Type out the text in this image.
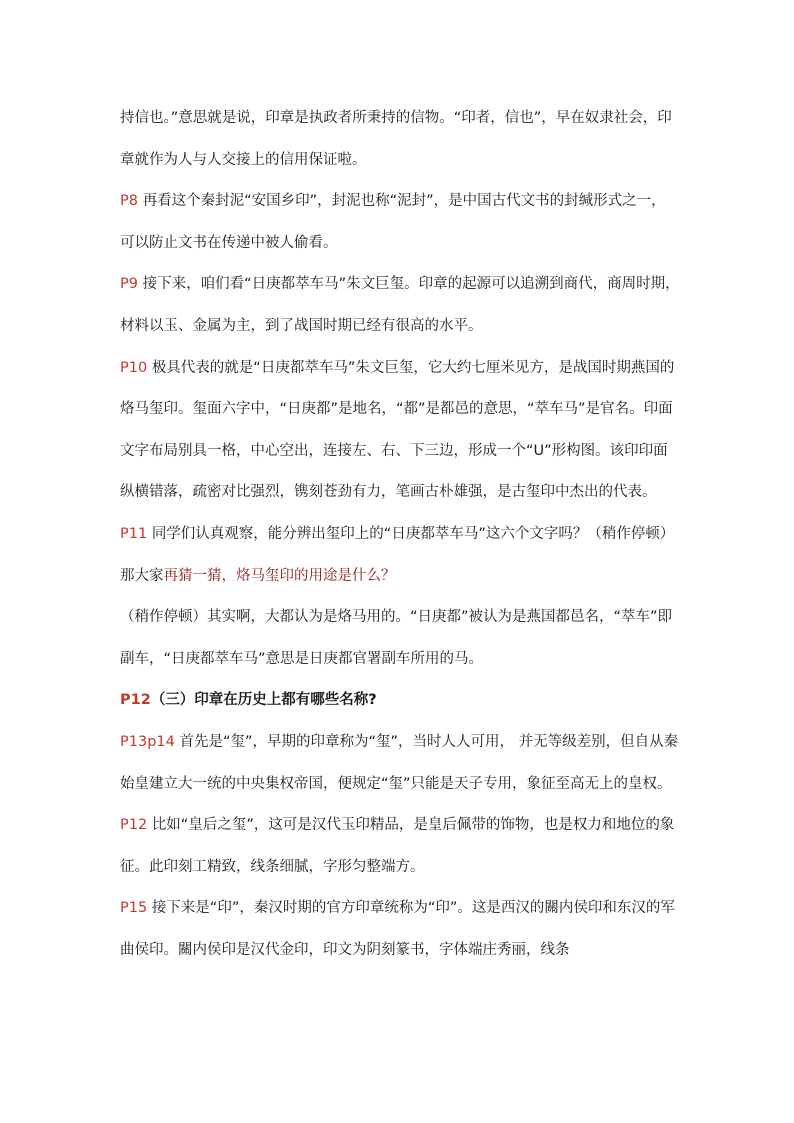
持信也。”意思就是说，印章是执政者所秉持的信物。“印者，信也”，早在奴隶社会，印章就作为人与人交接上的信用保证啦。

P8 再看这个秦封泥“安国乡印”，封泥也称“泥封”，是中国古代文书的封缄形式之一，可以防止文书在传递中被人偷看。

P9 接下来，咱们看“日庚都萃车马”朱文巨玺。印章的起源可以追溯到商代，商周时期，材料以玉、金属为主，到了战国时期已经有很高的水平。

P10 极具代表的就是“日庚都萃车马”朱文巨玺，它大约七厘米见方，是战国时期燕国的烙马玺印。玺面六字中，“日庚都”是地名，“都”是都邑的意思，“萃车马”是官名。印面文字布局别具一格，中心空出，连接左、右、下三边，形成一个“U”形构图。该印印面纵横错落，疏密对比强烈，镌刻苍劲有力，笔画古朴雄强，是古玺印中杰出的代表。

P11 同学们认真观察，能分辨出玺印上的“日庚都萃车马”这六个文字吗？（稍作停顿）那大家再猜一猜，烙马玺印的用途是什么？

（稍作停顿）其实啊，大都认为是烙马用的。“日庚都”被认为是燕国都邑名，“萃车”即副车，“日庚都萃车马”意思是日庚都官署副车所用的马。

P12（三）印章在历史上都有哪些名称?

P13p14 首先是“玺”，早期的印章称为“玺”，当时人人可用， 并无等级差别，但自从秦始皇建立大一统的中央集权帝国，便规定“玺”只能是天子专用，象征至高无上的皇权。P12 比如“皇后之玺”，这可是汉代玉印精品，是皇后佩带的饰物，也是权力和地位的象征。此印刻工精致，线条细腻，字形匀整端方。

P15 接下来是“印”，秦汉时期的官方印章统称为“印”。这是西汉的關内侯印和东汉的军曲侯印。關内侯印是汉代金印，印文为阴刻篆书，字体端庄秀丽，线条
